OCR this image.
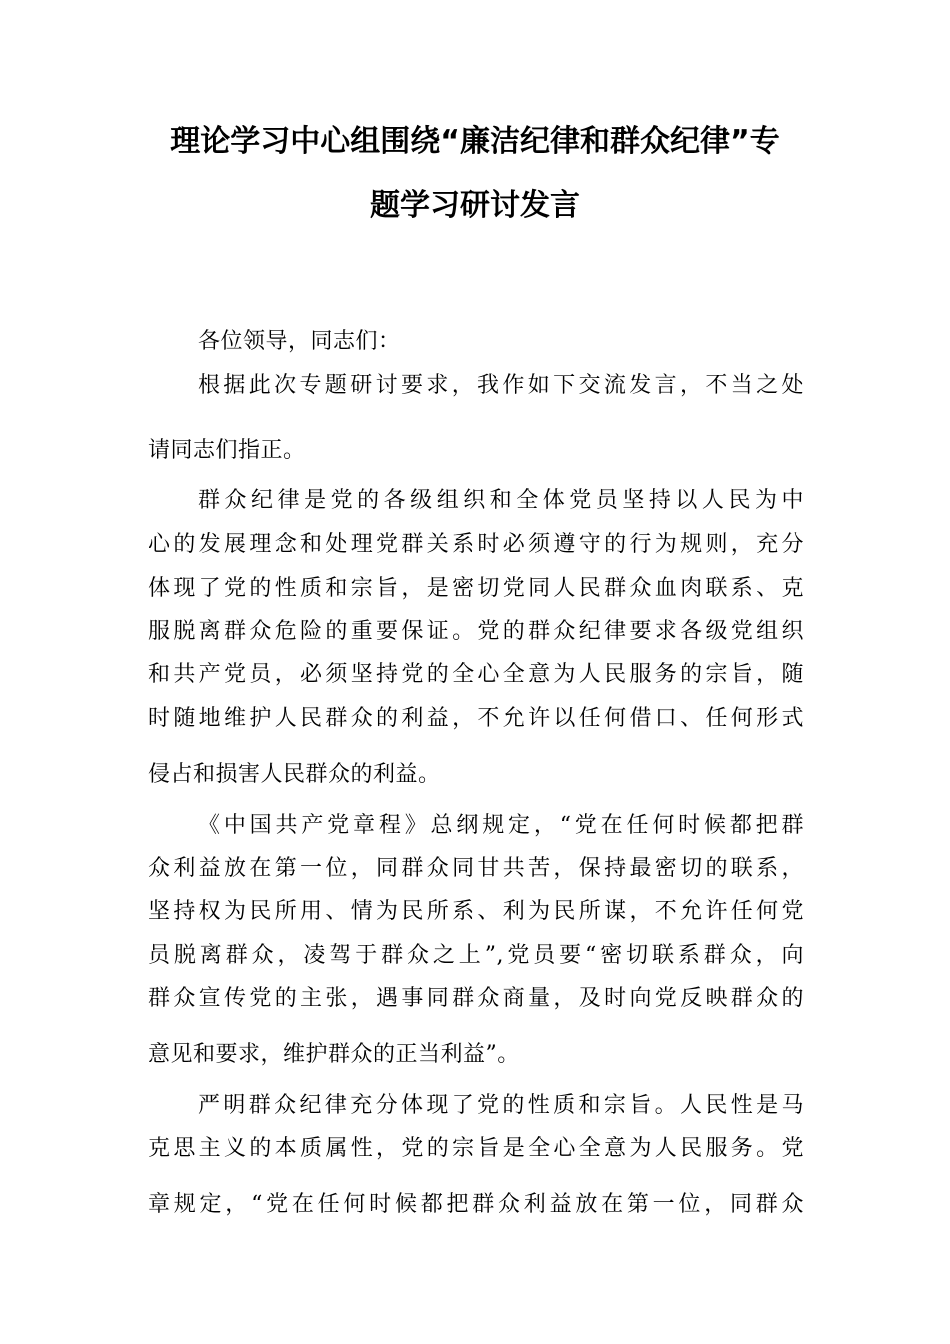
理论学习中心组围绕“廉洁纪律和群众纪律”专
题学习研讨发言
各位领导，同志们：
根据此次专题研讨要求，我作如下交流发言，不当之处
请同志们指正。
群众纪律是党的各级组织和全体党员坚持以人民为中
心的发展理念和处理党群关系时必须遵守的行为规则，充分
体现了党的性质和宗旨，是密切党同人民群众血肉联系、克
服脱离群众危险的重要保证。党的群众纪律要求各级党组织
和共产党员，必须坚持党的全心全意为人民服务的宗旨，随
时随地维护人民群众的利益，不允许以任何借口、任何形式
侵占和损害人民群众的利益。
《中国共产党章程》总纲规定，“党在任何时候都把群
众利益放在第一位，同群众同甘共苦，保持最密切的联系，
坚持权为民所用、情为民所系、利为民所谋，不允许任何党
员脱离群众，凌驾于群众之上”,党员要“密切联系群众，向
群众宣传党的主张，遇事同群众商量，及时向党反映群众的
意见和要求，维护群众的正当利益”。
严明群众纪律充分体现了党的性质和宗旨。人民性是马
克思主义的本质属性，党的宗旨是全心全意为人民服务。党
章规定，“党在任何时候都把群众利益放在第一位，同群众
